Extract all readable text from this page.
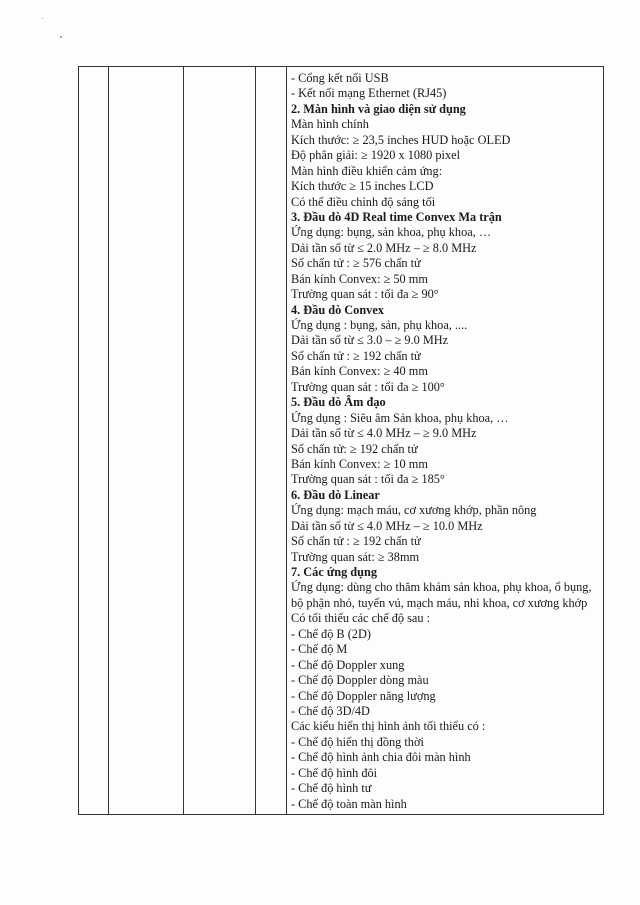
- Cổng kết nối USB
- Kết nối mạng Ethernet (RJ45)
2. Màn hình và giao diện sử dụng
Màn hình chính
Kích thước: ≥ 23,5 inches HUD hoặc OLED
Độ phân giải: ≥ 1920 x 1080 pixel
Màn hình điều khiển cảm ứng:
Kích thước ≥ 15 inches LCD
Có thể điều chỉnh độ sáng tối
3. Đầu dò 4D Real time Convex Ma trận
Ứng dụng: bụng, sản khoa, phụ khoa, …
Dải tần số từ ≤ 2.0 MHz – ≥ 8.0 MHz
Số chấn tử : ≥ 576 chấn tử
Bán kính Convex: ≥ 50 mm
Trường quan sát : tối đa ≥ 90°
4. Đầu dò Convex
Ứng dụng : bụng, sản, phụ khoa, ....
Dải tần số từ ≤ 3.0 – ≥ 9.0 MHz
Số chấn tử : ≥ 192 chấn tử
Bán kính Convex: ≥ 40 mm
Trường quan sát : tối đa ≥ 100°
5. Đầu dò Âm đạo
Ứng dụng : Siêu âm Sản khoa, phụ khoa, …
Dải tần số từ ≤ 4.0 MHz – ≥ 9.0 MHz
Số chấn tử: ≥ 192 chấn tử
Bán kính Convex: ≥ 10 mm
Trường quan sát : tối đa ≥ 185°
6. Đầu dò Linear
Ứng dụng: mạch máu, cơ xương khớp, phần nông
Dải tần số từ ≤ 4.0 MHz – ≥ 10.0 MHz
Số chấn tử : ≥ 192 chấn tử
Trường quan sát: ≥ 38mm
7. Các ứng dụng
Ứng dụng: dùng cho thăm khám sản khoa, phụ khoa, ổ bụng, bộ phận nhỏ, tuyến vú, mạch máu, nhi khoa, cơ xương khớp
Có tối thiểu các chế độ sau :
- Chế độ B (2D)
- Chế độ M
- Chế độ Doppler xung
- Chế độ Doppler dòng màu
- Chế độ Doppler năng lượng
- Chế độ 3D/4D
Các kiểu hiển thị hình ảnh tối thiểu có :
- Chế độ hiển thị đồng thời
- Chế độ hình ảnh chia đôi màn hình
- Chế độ hình đôi
- Chế độ hình tư
- Chế độ toàn màn hình
